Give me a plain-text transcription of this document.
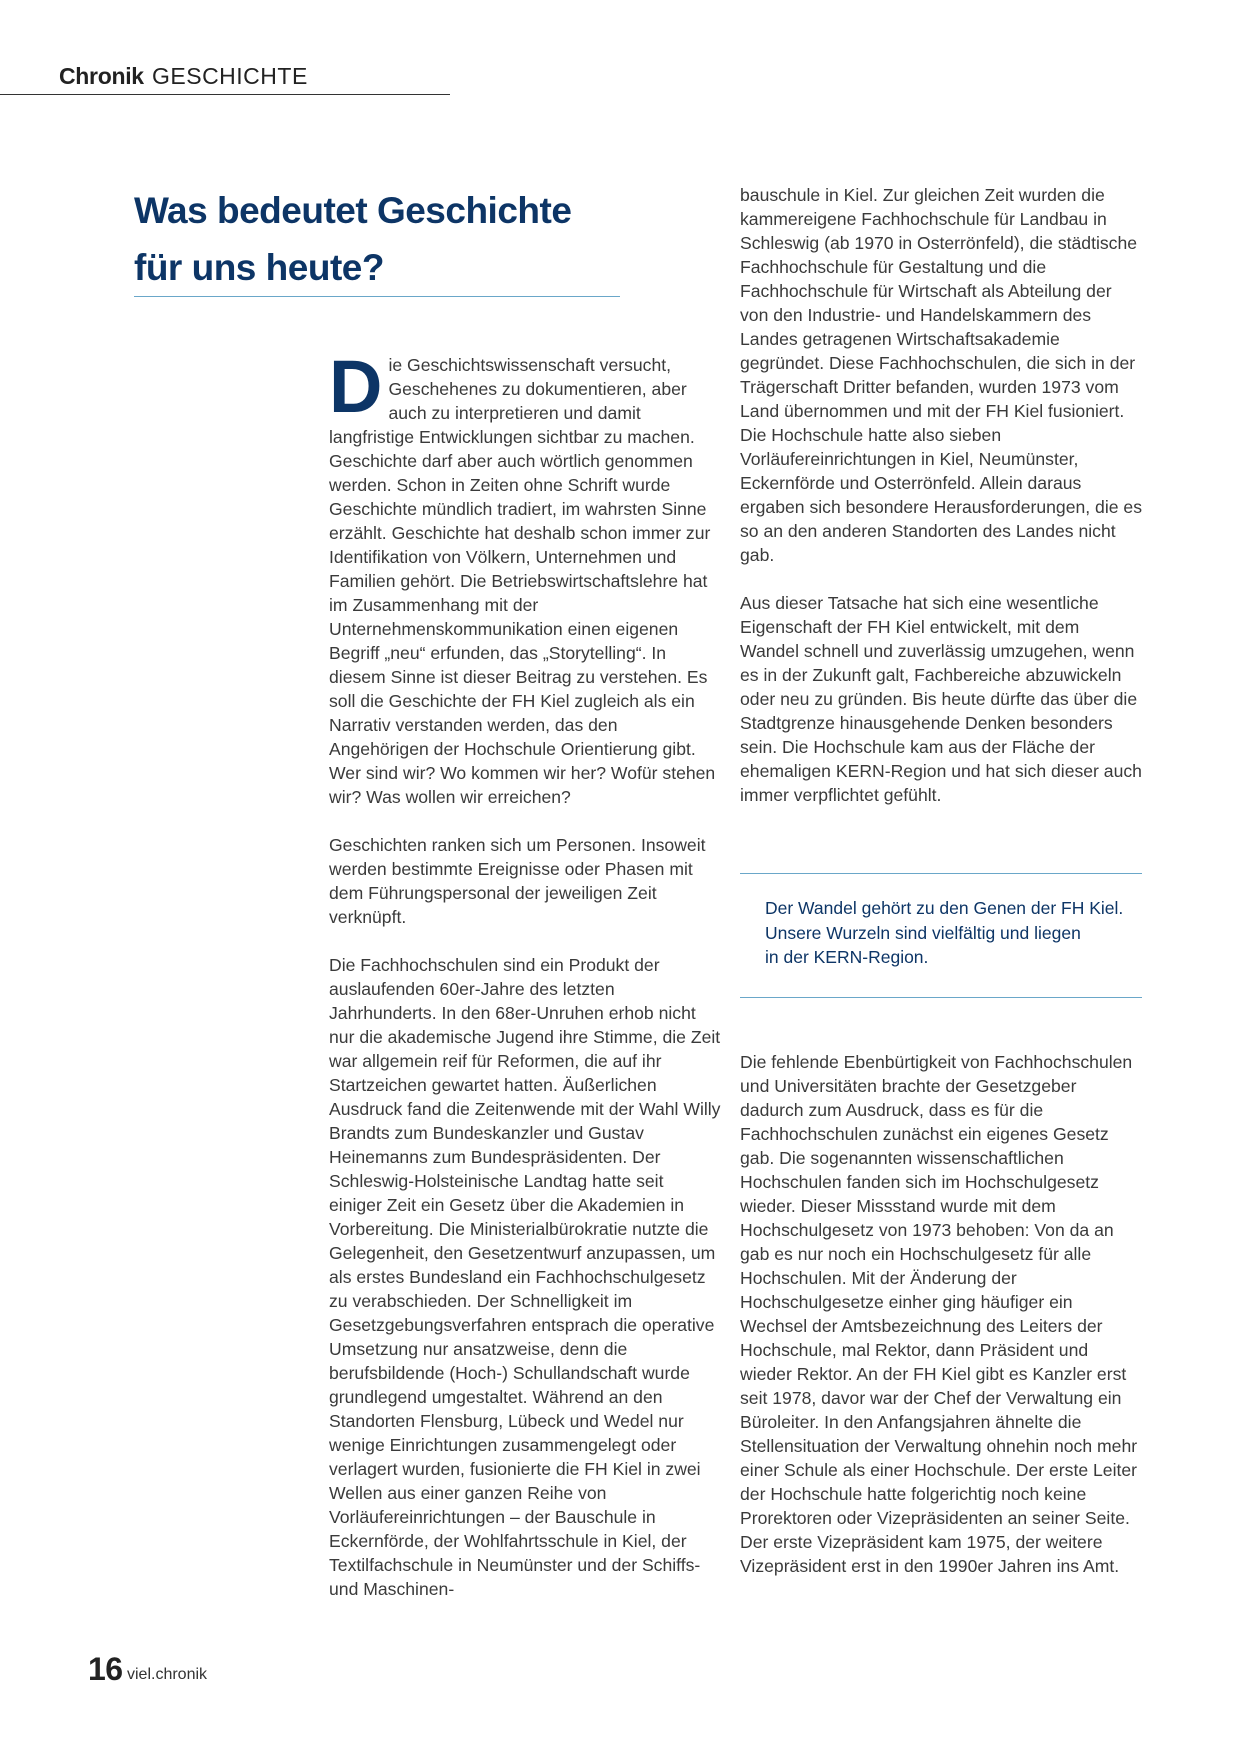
Chronik GESCHICHTE
Was bedeutet Geschichte
für uns heute?

Die Geschichtswissenschaft versucht, Geschehenes zu dokumentieren, aber auch zu interpretieren und damit langfristige Entwicklungen sichtbar zu machen. Geschichte darf aber auch wörtlich genommen werden. Schon in Zeiten ohne Schrift wurde Geschichte mündlich tradiert, im wahrsten Sinne erzählt. Geschichte hat deshalb schon immer zur Identifikation von Völkern, Unternehmen und Familien gehört. Die Betriebswirtschaftslehre hat im Zusammenhang mit der Unternehmenskommunikation einen eigenen Begriff „neu“ erfunden, das „Storytelling“. In diesem Sinne ist dieser Beitrag zu verstehen. Es soll die Geschichte der FH Kiel zugleich als ein Narrativ verstanden werden, das den Angehörigen der Hochschule Orientierung gibt. Wer sind wir? Wo kommen wir her? Wofür stehen wir? Was wollen wir erreichen?

Geschichten ranken sich um Personen. Insoweit werden bestimmte Ereignisse oder Phasen mit dem Führungspersonal der jeweiligen Zeit verknüpft.

Die Fachhochschulen sind ein Produkt der auslaufenden 60er-Jahre des letzten Jahrhunderts. In den 68er-Unruhen erhob nicht nur die akademische Jugend ihre Stimme, die Zeit war allgemein reif für Reformen, die auf ihr Startzeichen gewartet hatten. Äußerlichen Ausdruck fand die Zeitenwende mit der Wahl Willy Brandts zum Bundeskanzler und Gustav Heinemanns zum Bundespräsidenten. Der Schleswig-Holsteinische Landtag hatte seit einiger Zeit ein Gesetz über die Akademien in Vorbereitung. Die Ministerialbürokratie nutzte die Gelegenheit, den Gesetzentwurf anzupassen, um als erstes Bundesland ein Fachhochschulgesetz zu verabschieden. Der Schnelligkeit im Gesetzgebungsverfahren entsprach die operative Umsetzung nur ansatzweise, denn die berufsbildende (Hoch-) Schullandschaft wurde grundlegend umgestaltet. Während an den Standorten Flensburg, Lübeck und Wedel nur wenige Einrichtungen zusammengelegt oder verlagert wurden, fusionierte die FH Kiel in zwei Wellen aus einer ganzen Reihe von Vorläufereinrichtungen – der Bauschule in Eckernförde, der Wohlfahrtsschule in Kiel, der Textilfachschule in Neumünster und der Schiffs- und Maschinen-

bauschule in Kiel. Zur gleichen Zeit wurden die kammereigene Fachhochschule für Landbau in Schleswig (ab 1970 in Osterrönfeld), die städtische Fachhochschule für Gestaltung und die Fachhochschule für Wirtschaft als Abteilung der von den Industrie- und Handelskammern des Landes getragenen Wirtschaftsakademie gegründet. Diese Fachhochschulen, die sich in der Trägerschaft Dritter befanden, wurden 1973 vom Land übernommen und mit der FH Kiel fusioniert. Die Hochschule hatte also sieben Vorläufereinrichtungen in Kiel, Neumünster, Eckernförde und Osterrönfeld. Allein daraus ergaben sich besondere Herausforderungen, die es so an den anderen Standorten des Landes nicht gab.

Aus dieser Tatsache hat sich eine wesentliche Eigenschaft der FH Kiel entwickelt, mit dem Wandel schnell und zuverlässig umzugehen, wenn es in der Zukunft galt, Fachbereiche abzuwickeln oder neu zu gründen. Bis heute dürfte das über die Stadtgrenze hinausgehende Denken besonders sein. Die Hochschule kam aus der Fläche der ehemaligen KERN-Region und hat sich dieser auch immer verpflichtet gefühlt.

Der Wandel gehört zu den Genen der FH Kiel.
Unsere Wurzeln sind vielfältig und liegen
in der KERN-Region.

Die fehlende Ebenbürtigkeit von Fachhochschulen und Universitäten brachte der Gesetzgeber dadurch zum Ausdruck, dass es für die Fachhochschulen zunächst ein eigenes Gesetz gab. Die sogenannten wissenschaftlichen Hochschulen fanden sich im Hochschulgesetz wieder. Dieser Missstand wurde mit dem Hochschulgesetz von 1973 behoben: Von da an gab es nur noch ein Hochschulgesetz für alle Hochschulen. Mit der Änderung der Hochschulgesetze einher ging häufiger ein Wechsel der Amtsbezeichnung des Leiters der Hochschule, mal Rektor, dann Präsident und wieder Rektor. An der FH Kiel gibt es Kanzler erst seit 1978, davor war der Chef der Verwaltung ein Büroleiter. In den Anfangsjahren ähnelte die Stellensituation der Verwaltung ohnehin noch mehr einer Schule als einer Hochschule. Der erste Leiter der Hochschule hatte folgerichtig noch keine Prorektoren oder Vizepräsidenten an seiner Seite. Der erste Vizepräsident kam 1975, der weitere Vizepräsident erst in den 1990er Jahren ins Amt.

16 viel.chronik
